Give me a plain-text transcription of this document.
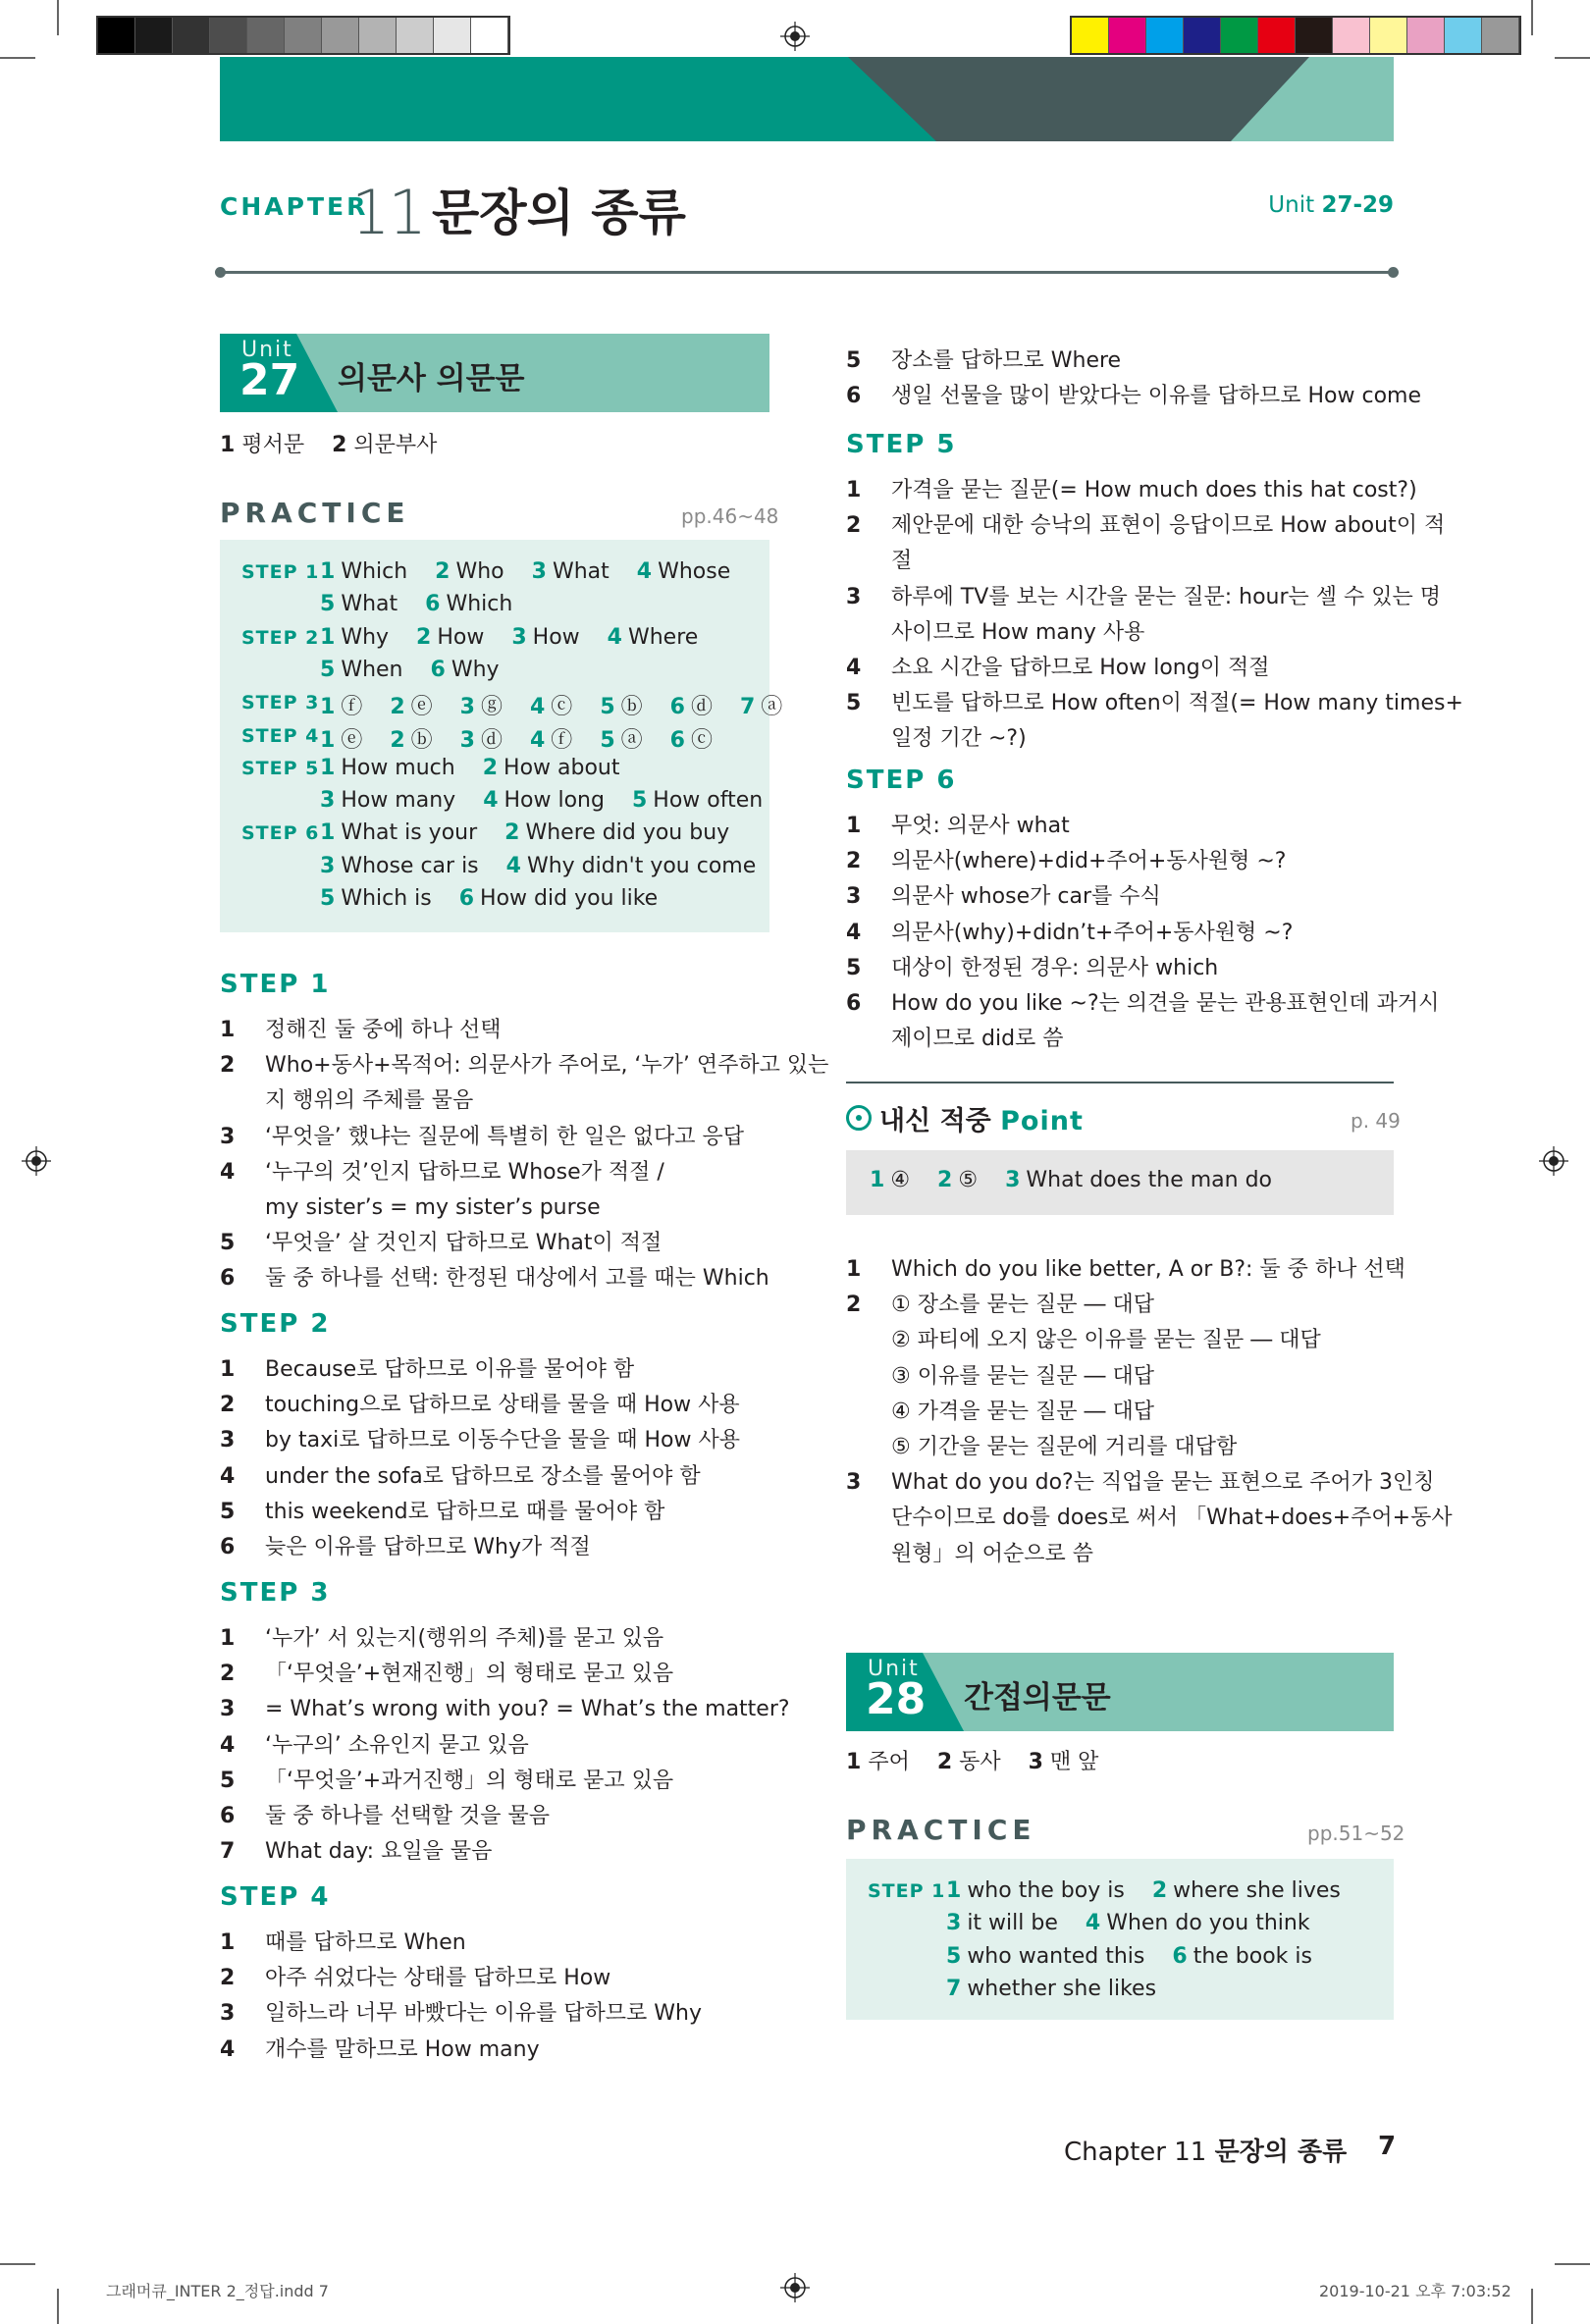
CHAPTER
11 문장의 종류	Unit 27-29
Unit
27 의문사 의문문
1 평서문 2 의문부사
PRACTICE	pp.46~48
STEP 1 1 Which 2 Who 3 What 4 Whose
5 What 6 Which
STEP 2 1 Why 2 How 3 How 4 Where
5 When 6 Why
STEP 3 1 ⓕ 2 ⓔ 3 ⓖ 4 ⓒ 5 ⓑ 6 ⓓ 7 ⓐ
STEP 4 1 ⓔ 2 ⓑ 3 ⓓ 4 ⓕ 5 ⓐ 6 ⓒ
STEP 5 1 How much 2 How about
3 How many 4 How long 5 How often
STEP 6 1 What is your 2 Where did you buy
3 Whose car is 4 Why didn't you come
5 Which is 6 How did you like
STEP 1
1 정해진 둘 중에 하나 선택
2 Who+동사+목적어: 의문사가 주어로, ‘누가’ 연주하고 있는
지 행위의 주체를 물음
3 ‘무엇을’ 했냐는 질문에 특별히 한 일은 없다고 응답
4 ‘누구의 것’인지 답하므로 Whose가 적절 /
my sister’s = my sister’s purse
5 ‘무엇을’ 살 것인지 답하므로 What이 적절
6 둘 중 하나를 선택: 한정된 대상에서 고를 때는 Which
STEP 2
1 Because로 답하므로 이유를 물어야 함
2 touching으로 답하므로 상태를 물을 때 How 사용
3 by taxi로 답하므로 이동수단을 물을 때 How 사용
4 under the sofa로 답하므로 장소를 물어야 함
5 this weekend로 답하므로 때를 물어야 함
6 늦은 이유를 답하므로 Why가 적절
STEP 3
1 ‘누가’ 서 있는지(행위의 주체)를 묻고 있음
2 「‘무엇을’+현재진행」의 형태로 묻고 있음
3 = What’s wrong with you? = What’s the matter?
4 ‘누구의’ 소유인지 묻고 있음
5 「‘무엇을’+과거진행」의 형태로 묻고 있음
6 둘 중 하나를 선택할 것을 물음
7 What day: 요일을 물음
STEP 4
1 때를 답하므로 When
2 아주 쉬었다는 상태를 답하므로 How
3 일하느라 너무 바빴다는 이유를 답하므로 Why
4 개수를 말하므로 How many
5 장소를 답하므로 Where
6 생일 선물을 많이 받았다는 이유를 답하므로 How come
STEP 5
1 가격을 묻는 질문(= How much does this hat cost?)
2 제안문에 대한 승낙의 표현이 응답이므로 How about이 적
절
3 하루에 TV를 보는 시간을 묻는 질문: hour는 셀 수 있는 명
사이므로 How many 사용
4 소요 시간을 답하므로 How long이 적절
5 빈도를 답하므로 How often이 적절(= How many times+
일정 기간 ~?)
STEP 6
1 무엇: 의문사 what
2 의문사(where)+did+주어+동사원형 ~?
3 의문사 whose가 car를 수식
4 의문사(why)+didn’t+주어+동사원형 ~?
5 대상이 한정된 경우: 의문사 which
6 How do you like ~?는 의견을 묻는 관용표현인데 과거시
제이므로 did로 씀
내신 적중 Point	p. 49
1 ④ 2 ⑤ 3 What does the man do
1 Which do you like better, A or B?: 둘 중 하나 선택
2 ① 장소를 묻는 질문 ― 대답
② 파티에 오지 않은 이유를 묻는 질문 ― 대답
③ 이유를 묻는 질문 ― 대답
④ 가격을 묻는 질문 ― 대답
⑤ 기간을 묻는 질문에 거리를 대답함
3 What do you do?는 직업을 묻는 표현으로 주어가 3인칭
단수이므로 do를 does로 써서 「What+does+주어+동사
원형」의 어순으로 씀
Unit
28 간접의문문
1 주어 2 동사 3 맨 앞
PRACTICE	pp.51~52
STEP 1 1 who the boy is 2 where she lives
3 it will be 4 When do you think
5 who wanted this 6 the book is
7 whether she likes
Chapter 11 문장의 종류 7
그래머큐_INTER 2_정답.indd 7	2019-10-21 오후 7:03:52
